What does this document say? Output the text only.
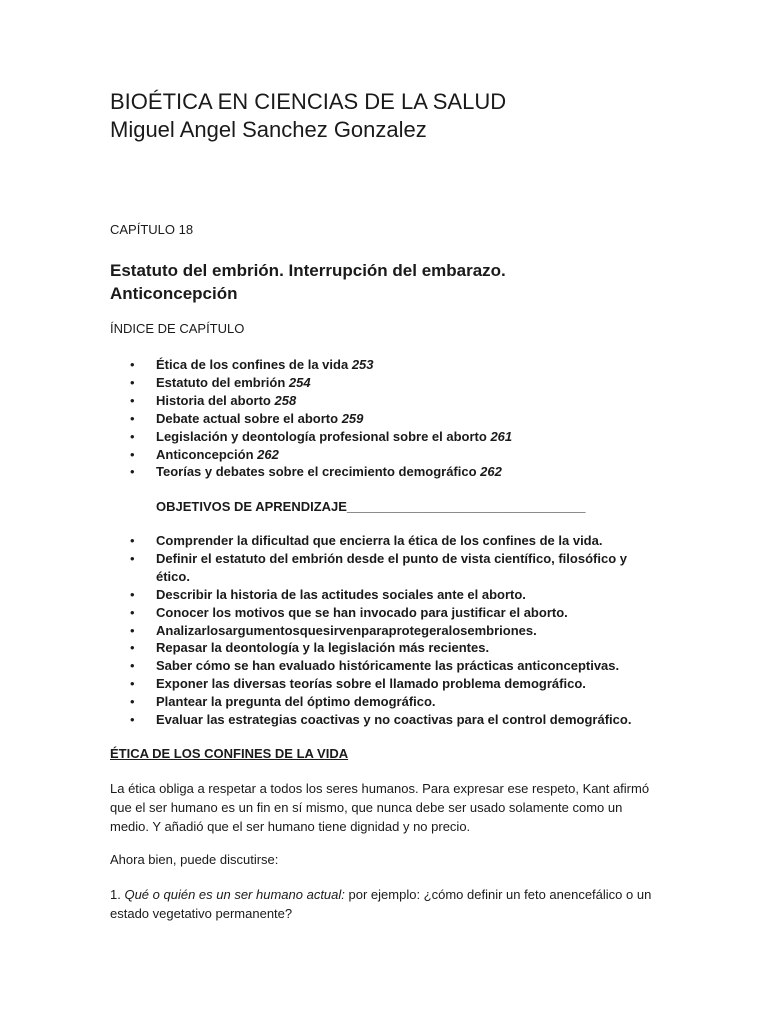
BIOÉTICA EN CIENCIAS DE LA SALUD
Miguel Angel Sanchez Gonzalez
CAPÍTULO 18
Estatuto del embrión. Interrupción del embarazo. Anticoncepción
ÍNDICE DE CAPÍTULO
• Ética de los confines de la vida 253
• Estatuto del embrión 254
• Historia del aborto 258
• Debate actual sobre el aborto 259
• Legislación y deontología profesional sobre el aborto 261
• Anticoncepción 262
• Teorías y debates sobre el crecimiento demográfico 262
OBJETIVOS DE APRENDIZAJE_________________________________
• Comprender la dificultad que encierra la ética de los confines de la vida.
• Definir el estatuto del embrión desde el punto de vista científico, filosófico y ético.
• Describir la historia de las actitudes sociales ante el aborto.
• Conocer los motivos que se han invocado para justificar el aborto.
• Analizarlosargumentosquesirvenparaprotegeralosembriones.
• Repasar la deontología y la legislación más recientes.
• Saber cómo se han evaluado históricamente las prácticas anticonceptivas.
• Exponer las diversas teorías sobre el llamado problema demográfico.
• Plantear la pregunta del óptimo demográfico.
• Evaluar las estrategias coactivas y no coactivas para el control demográfico.
ÉTICA DE LOS CONFINES DE LA VIDA
La ética obliga a respetar a todos los seres humanos. Para expresar ese respeto, Kant afirmó que el ser humano es un fin en sí mismo, que nunca debe ser usado solamente como un medio. Y añadió que el ser humano tiene dignidad y no precio.
Ahora bien, puede discutirse:
1. Qué o quién es un ser humano actual: por ejemplo: ¿cómo definir un feto anencefálico o un estado vegetativo permanente?
